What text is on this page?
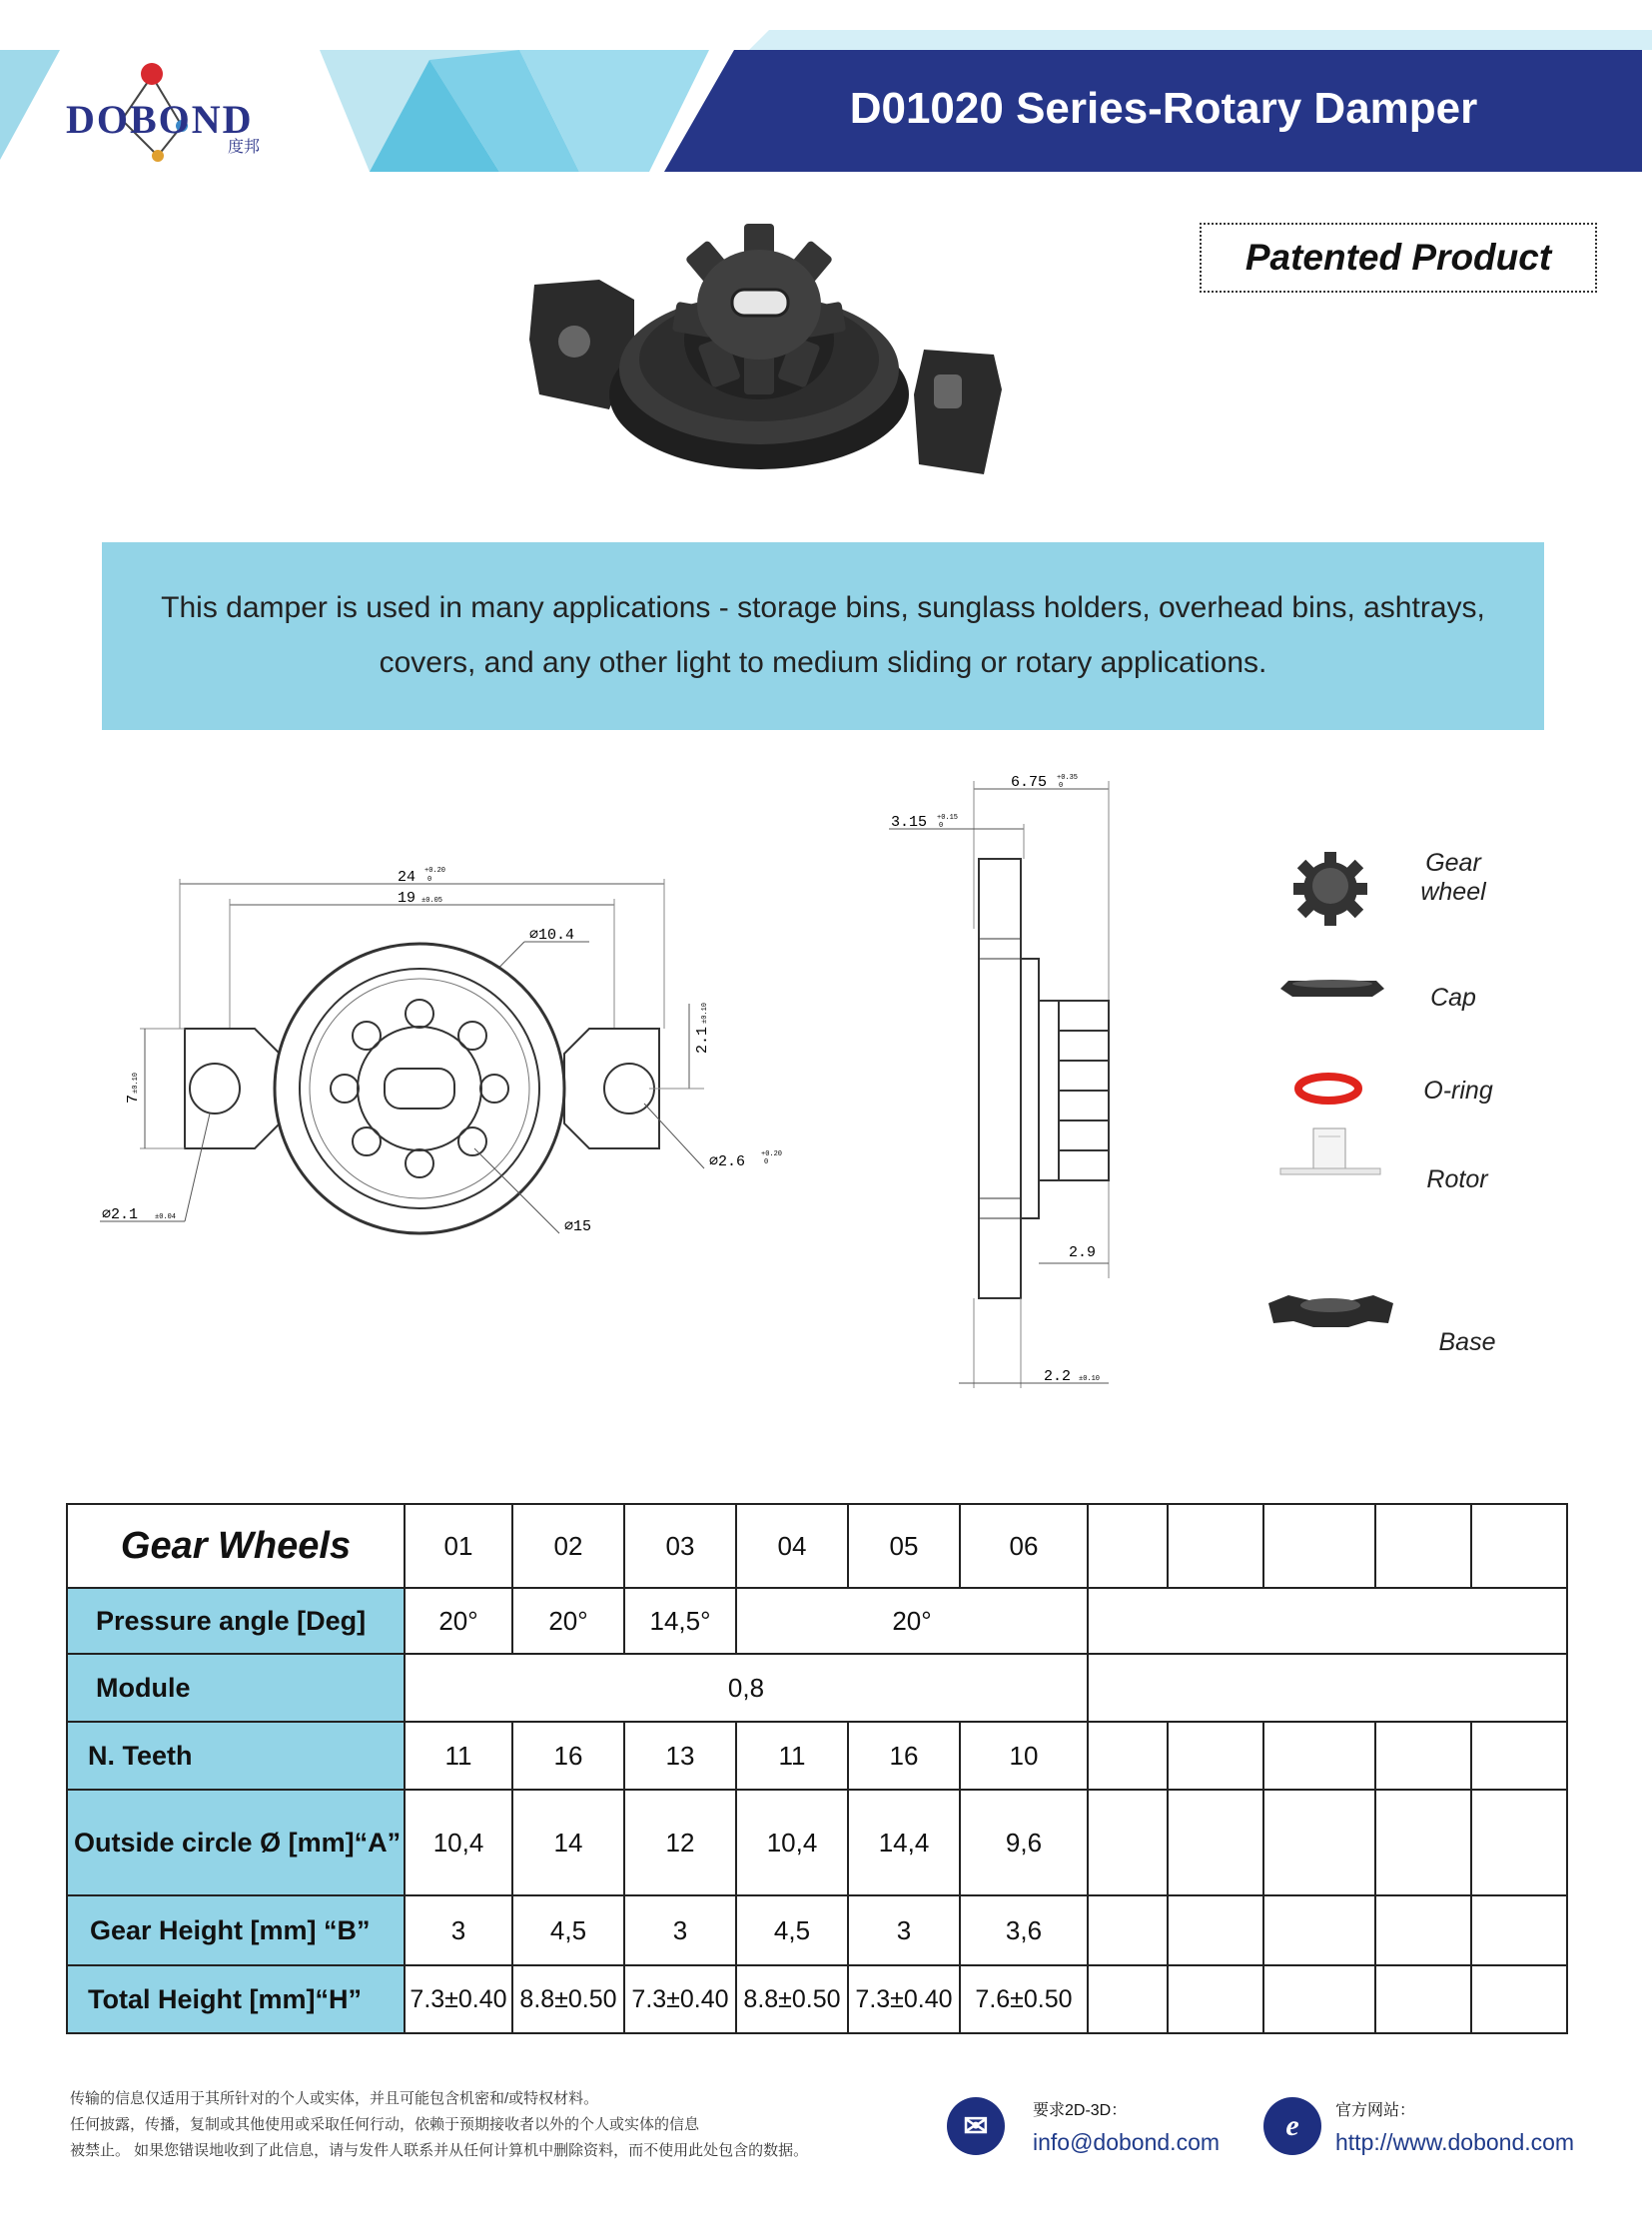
DOBOND
度邦
D01020 Series-Rotary Damper
Patented Product
This damper is used in many applications - storage bins, sunglass holders, overhead bins, ashtrays,
covers, and any other light to medium sliding or rotary applications.
24 +0.20
0
19 ±0.05
∅10.4
7
±0.10
2.1
±0.10
∅2.6 +0.20
0
∅2.1 ±0.04
∅15
6.75 +0.35
0
3.15 +0.15
0
2.9
2.2 ±0.10
Gear
wheel
Cap
O-ring
Rotor
Base
Gear Wheels	01	02	03	04	05	06					
Pressure angle [Deg]	20°	20°	14,5°	20°							
Module	0,8										
N. Teeth	11	16	13	11	16	10					
Outside circle Ø [mm]“A”	10,4	14	12	10,4	14,4	9,6					
Gear Height [mm] “B”	3	4,5	3	4,5	3	3,6					
Total Height [mm]“H”	7.3±0.40	8.8±0.50	7.3±0.40	8.8±0.50	7.3±0.40	7.6±0.50					
传输的信息仅适用于其所针对的个人或实体，并且可能包含机密和/或特权材料。
任何披露，传播，复制或其他使用或采取任何行动，依赖于预期接收者以外的个人或实体的信息
被禁止。 如果您错误地收到了此信息，请与发件人联系并从任何计算机中删除资料，而不使用此处包含的数据。
✉	要求2D-3D：
info@dobond.com	e	官方网站：
http://www.dobond.com
